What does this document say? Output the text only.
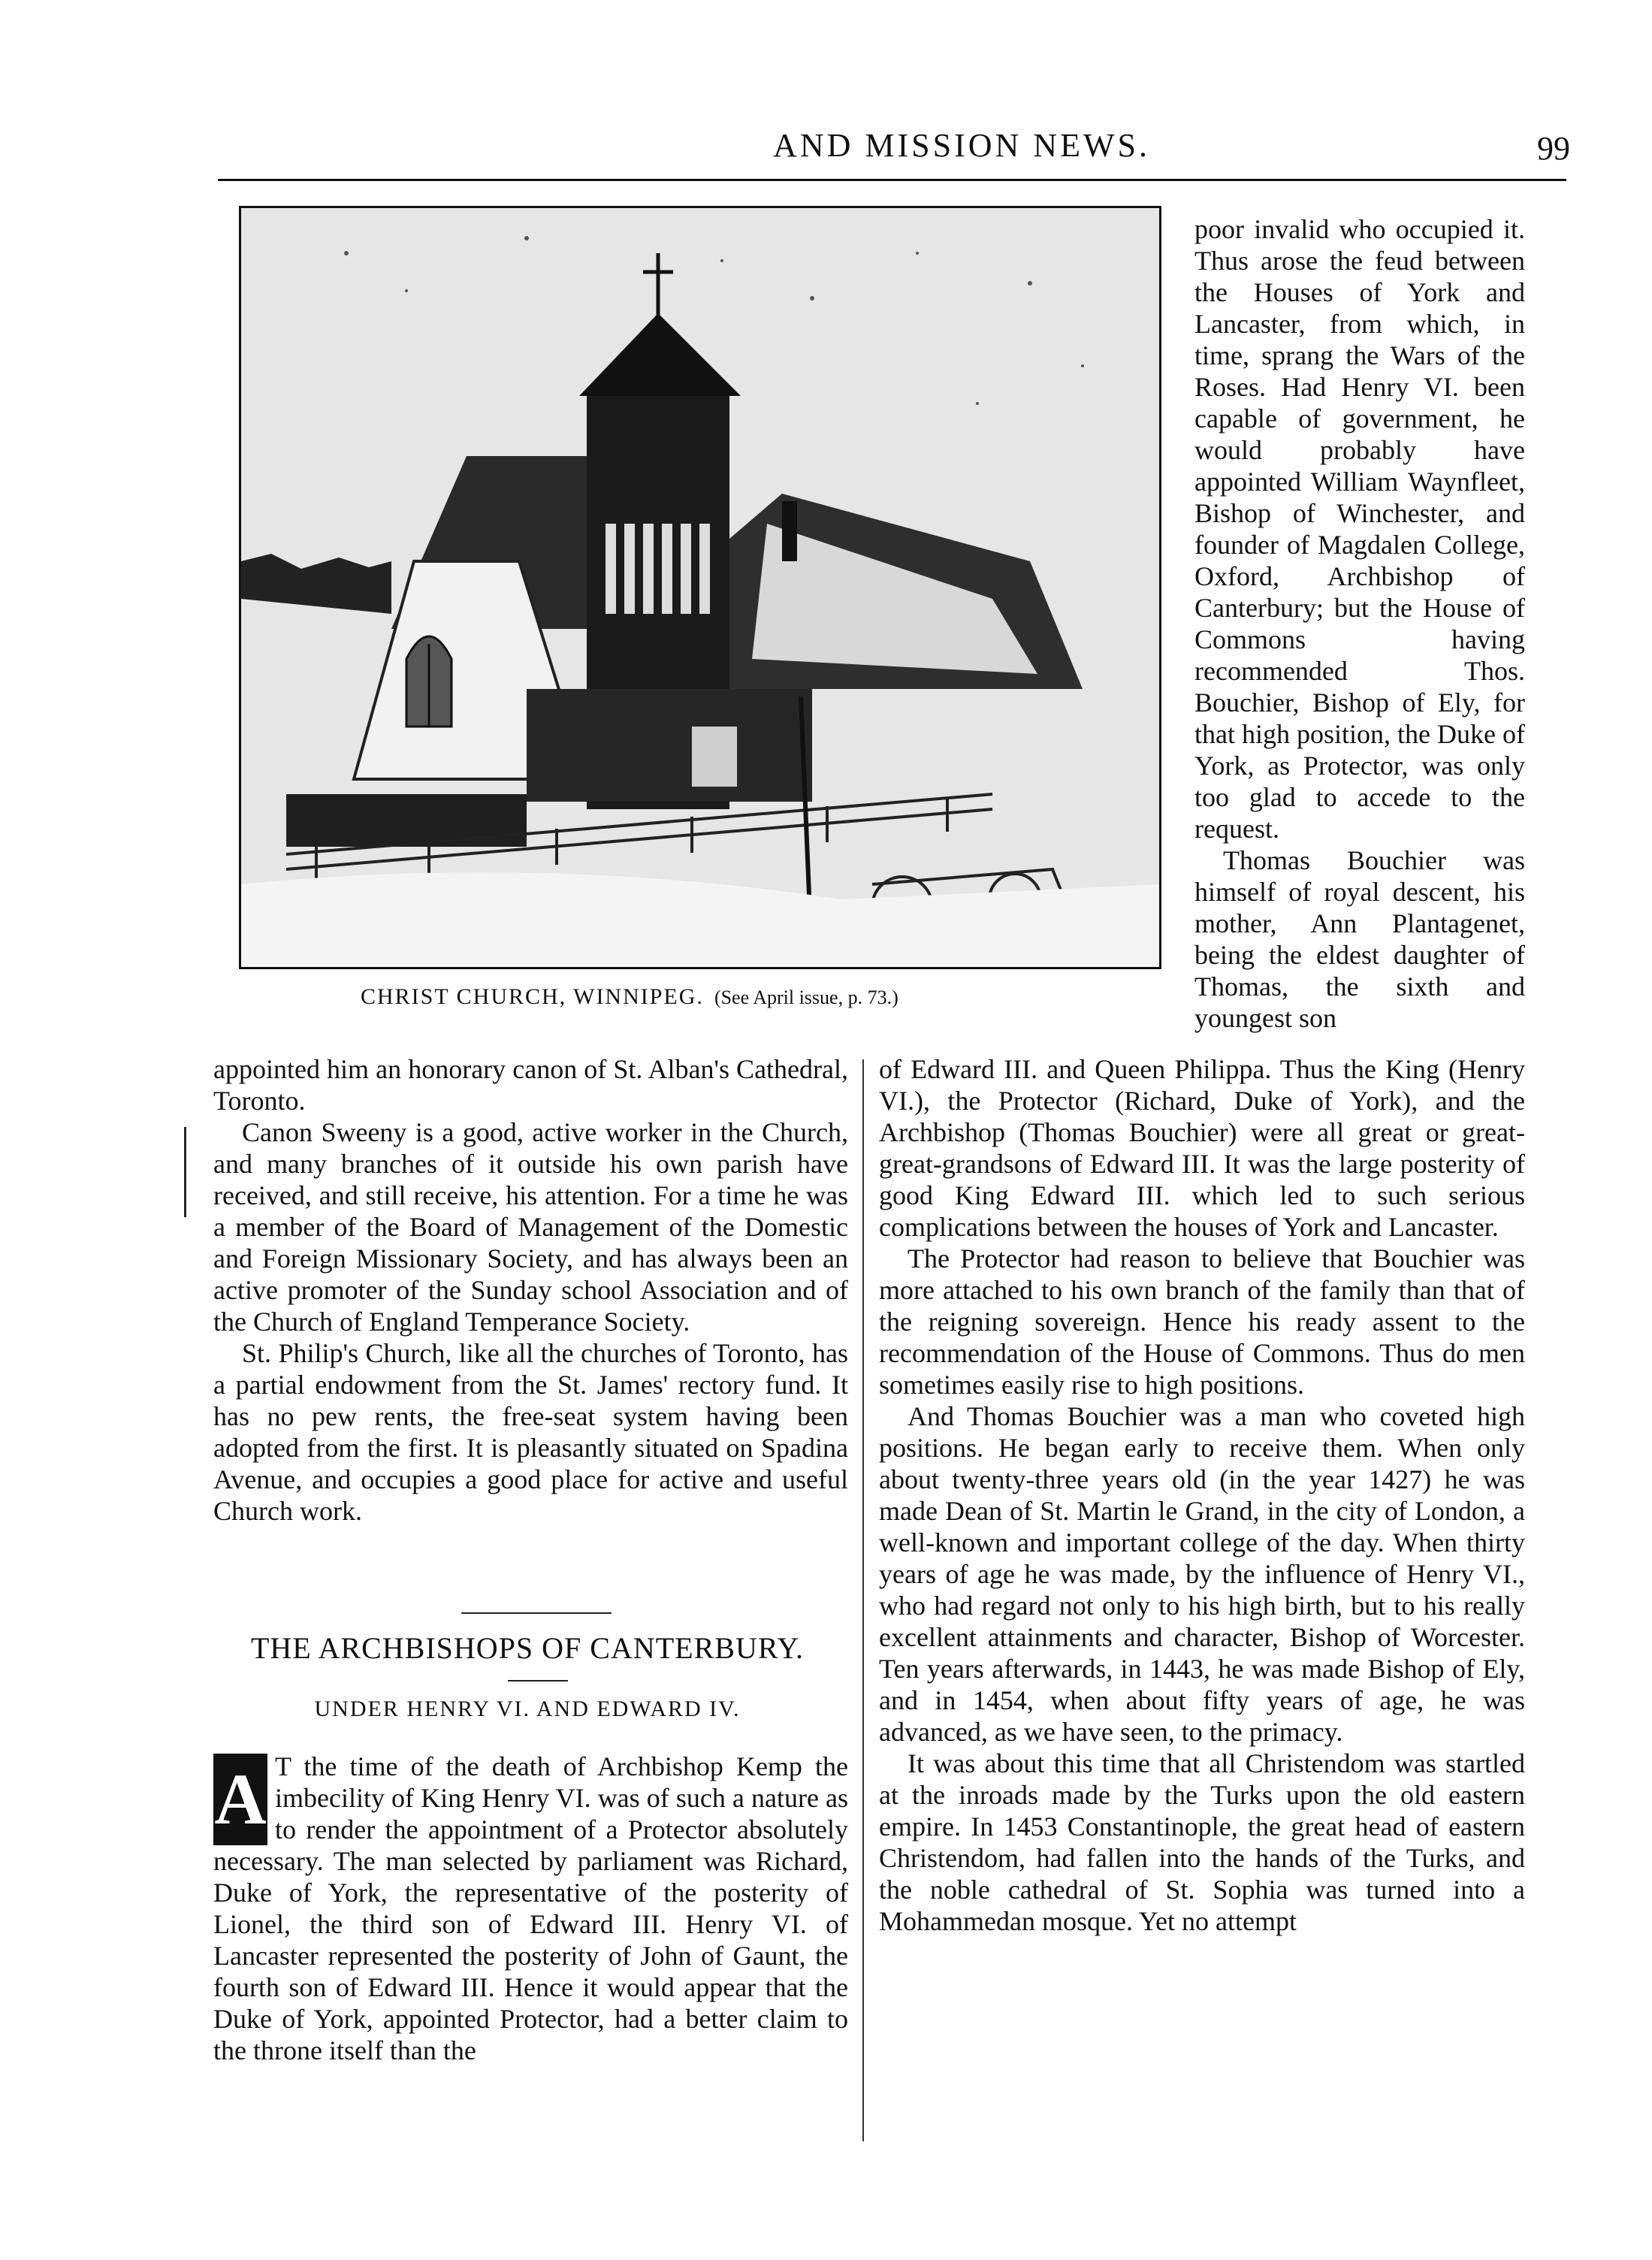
AND MISSION NEWS.	99
CHRIST CHURCH, WINNIPEG. (See April issue, p. 73.)

poor invalid who occupied it. Thus arose the feud between the Houses of York and Lancaster, from which, in time, sprang the Wars of the Roses. Had Henry VI. been capable of government, he would probably have appointed William Waynfleet, Bishop of Winchester, and founder of Magdalen College, Oxford, Archbishop of Canterbury; but the House of Commons having recommended Thos. Bouchier, Bishop of Ely, for that high position, the Duke of York, as Protector, was only too glad to accede to the request.

Thomas Bouchier was himself of royal descent, his mother, Ann Plantagenet, being the eldest daughter of Thomas, the sixth and youngest son

appointed him an honorary canon of St. Alban's Cathedral, Toronto.

Canon Sweeny is a good, active worker in the Church, and many branches of it outside his own parish have received, and still receive, his attention. For a time he was a member of the Board of Management of the Domestic and Foreign Missionary Society, and has always been an active promoter of the Sunday school Association and of the Church of England Temperance Society.

St. Philip's Church, like all the churches of Toronto, has a partial endowment from the St. James' rectory fund. It has no pew rents, the free-seat system having been adopted from the first. It is pleasantly situated on Spadina Avenue, and occupies a good place for active and useful Church work.

THE ARCHBISHOPS OF CANTERBURY.
UNDER HENRY VI. AND EDWARD IV.
A T the time of the death of Archbishop Kemp the imbecility of King Henry VI. was of such a nature as to render the appointment of a Protector absolutely necessary. The man selected by parliament was Richard, Duke of York, the representative of the posterity of Lionel, the third son of Edward III. Henry VI. of Lancaster represented the posterity of John of Gaunt, the fourth son of Edward III. Hence it would appear that the Duke of York, appointed Protector, had a better claim to the throne itself than the

of Edward III. and Queen Philippa. Thus the King (Henry VI.), the Protector (Richard, Duke of York), and the Archbishop (Thomas Bouchier) were all great or great-great-grandsons of Edward III. It was the large posterity of good King Edward III. which led to such serious complications between the houses of York and Lancaster.

The Protector had reason to believe that Bouchier was more attached to his own branch of the family than that of the reigning sovereign. Hence his ready assent to the recommendation of the House of Commons. Thus do men sometimes easily rise to high positions.

And Thomas Bouchier was a man who coveted high positions. He began early to receive them. When only about twenty-three years old (in the year 1427) he was made Dean of St. Martin le Grand, in the city of London, a well-known and important college of the day. When thirty years of age he was made, by the influence of Henry VI., who had regard not only to his high birth, but to his really excellent attainments and character, Bishop of Worcester. Ten years afterwards, in 1443, he was made Bishop of Ely, and in 1454, when about fifty years of age, he was advanced, as we have seen, to the primacy.

It was about this time that all Christendom was startled at the inroads made by the Turks upon the old eastern empire. In 1453 Constantinople, the great head of eastern Christendom, had fallen into the hands of the Turks, and the noble cathedral of St. Sophia was turned into a Mohammedan mosque. Yet no attempt
